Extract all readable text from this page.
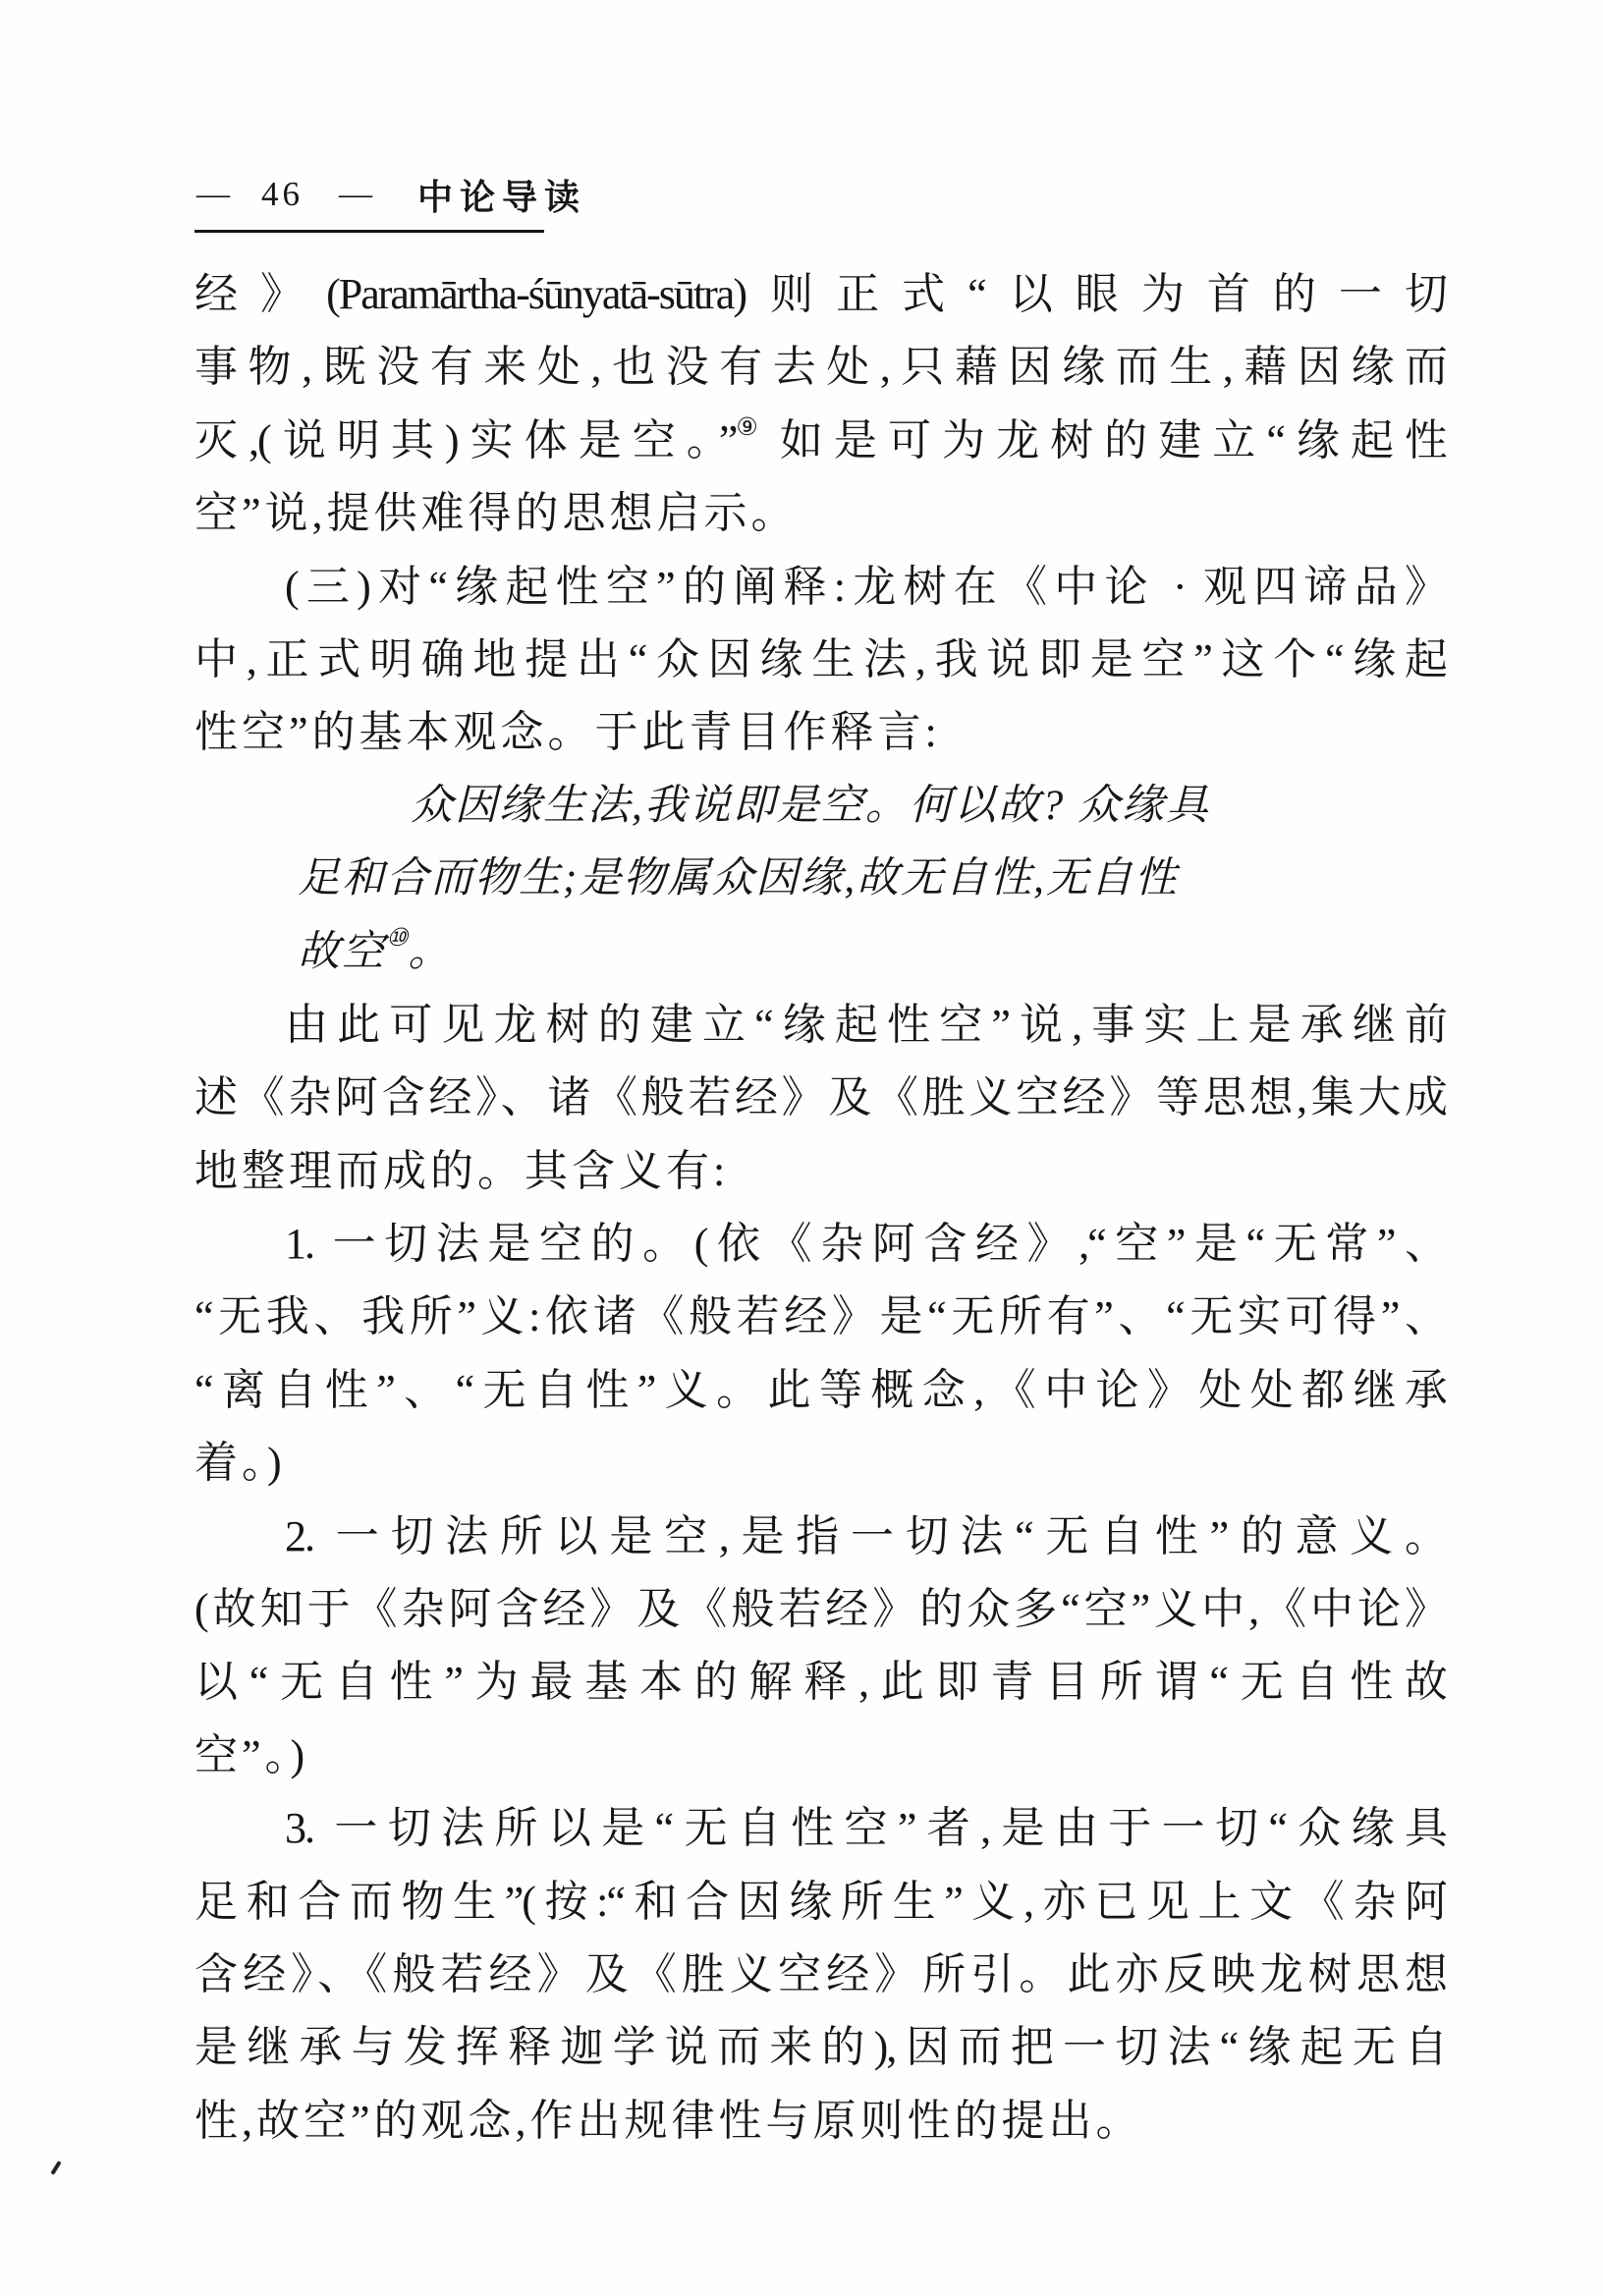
— 46 — 中论导读
经》(Paramārtha-śūnyatā-sūtra)则正式“以眼为首的一切
事物,既没有来处,也没有去处,只藉因缘而生,藉因缘而
灭,(说明其)实体是空。”⑨ 如是可为龙树的建立“缘起性
空”说,提供难得的思想启示。
(三)对“缘起性空”的阐释:龙树在《中论 · 观四谛品》
中,正式明确地提出“众因缘生法,我说即是空”这个“缘起
性空”的基本观念。于此青目作释言:
众因缘生法,我说即是空。何以故? 众缘具
足和合而物生;是物属众因缘,故无自性,无自性
故空⑩。
由此可见龙树的建立“缘起性空”说,事实上是承继前
述《杂阿含经》、诸《般若经》及《胜义空经》等思想,集大成
地整理而成的。其含义有:
1. 一切法是空的。(依《杂阿含经》,“空”是“无常”、
“无我、我所”义:依诸《般若经》是“无所有”、“无实可得”、
“离自性”、“无自性”义。此等概念,《中论》处处都继承
着。)
2. 一切法所以是空,是指一切法“无自性”的意义。
(故知于《杂阿含经》及《般若经》的众多“空”义中,《中论》
以“无自性”为最基本的解释,此即青目所谓“无自性故
空”。)
3. 一切法所以是“无自性空”者,是由于一切“众缘具
足和合而物生”(按:“和合因缘所生”义,亦已见上文《杂阿
含经》、《般若经》及《胜义空经》所引。此亦反映龙树思想
是继承与发挥释迦学说而来的),因而把一切法“缘起无自
性,故空”的观念,作出规律性与原则性的提出。
